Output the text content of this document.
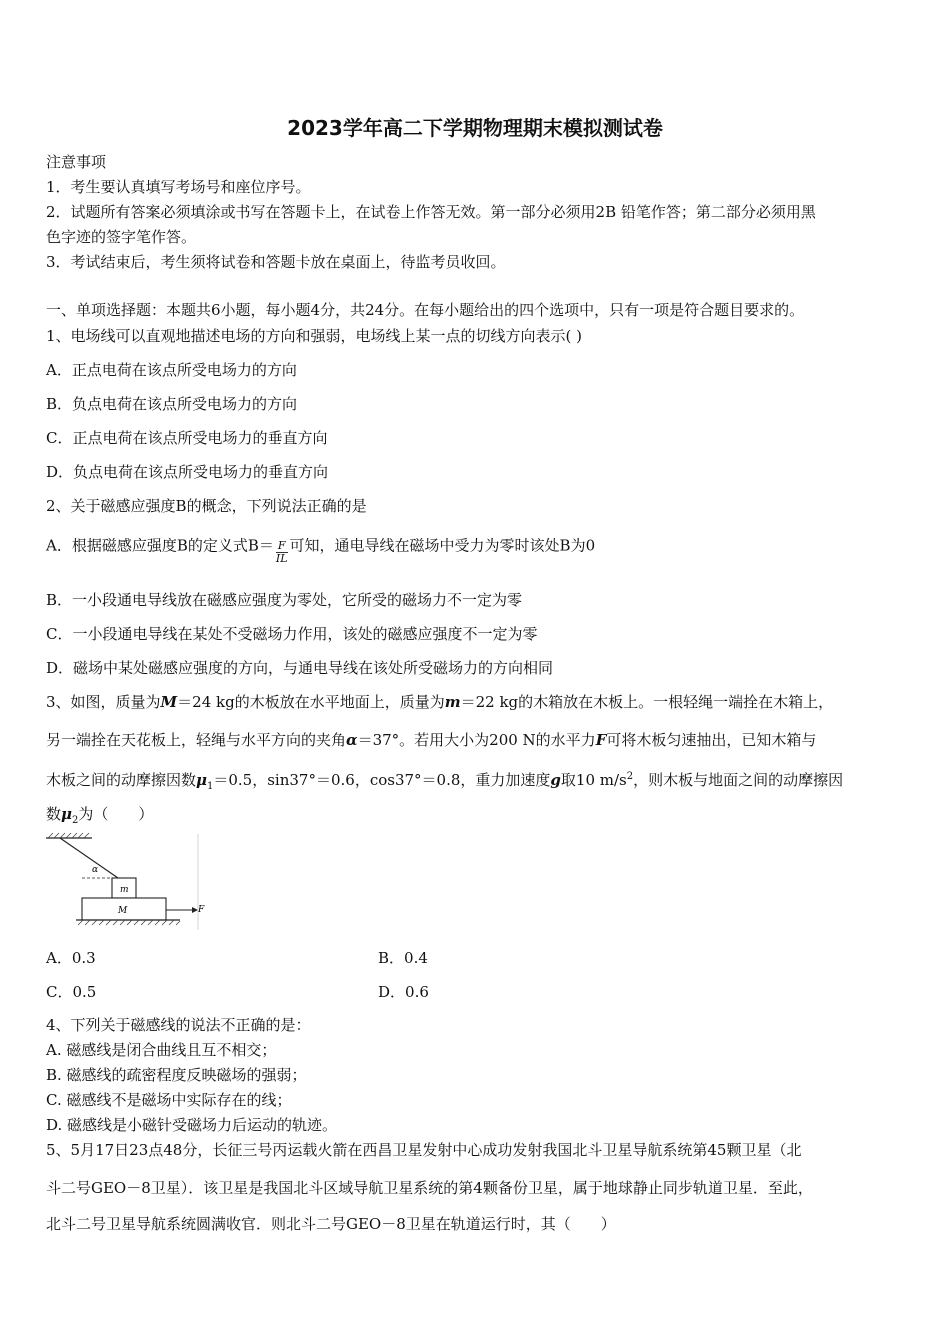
2023学年高二下学期物理期末模拟测试卷
注意事项
1．考生要认真填写考场号和座位序号。
2．试题所有答案必须填涂或书写在答题卡上，在试卷上作答无效。第一部分必须用2B 铅笔作答；第二部分必须用黑
色字迹的签字笔作答。
3．考试结束后，考生须将试卷和答题卡放在桌面上，待监考员收回。
一、单项选择题：本题共6小题，每小题4分，共24分。在每小题给出的四个选项中，只有一项是符合题目要求的。
1、电场线可以直观地描述电场的方向和强弱，电场线上某一点的切线方向表示( )
A．正点电荷在该点所受电场力的方向
B．负点电荷在该点所受电场力的方向
C．正点电荷在该点所受电场力的垂直方向
D．负点电荷在该点所受电场力的垂直方向
2、关于磁感应强度B的概念，下列说法正确的是
A．根据磁感应强度B的定义式$B= \frac{F}{IL}$ 可知，通电导线在磁场中受力为零时该处B为0
B．一小段通电导线放在磁感应强度为零处，它所受的磁场力不一定为零
C．一小段通电导线在某处不受磁场力作用，该处的磁感应强度不一定为零
D．磁场中某处磁感应强度的方向，与通电导线在该处所受磁场力的方向相同
3、如图，质量为M＝24 kg的木板放在水平地面上，质量为m＝22 kg的木箱放在木板上。一根轻绳一端拴在木箱上，
另一端拴在天花板上，轻绳与水平方向的夹角α＝37°。若用大小为200 N的水平力F可将木板匀速抽出，已知木箱与
木板之间的动摩擦因数$\mu_1=0.5$，sin37°＝0.6，cos37°＝0.8，重力加速度g取10 $m/s^2$，则木板与地面之间的动摩擦因
数$\mu_2$为（　　）
α
m
M	F
A．0.3	B．0.4
C．0.5	D．0.6
4、下列关于磁感线的说法不正确的是：
A. 磁感线是闭合曲线且互不相交；
B. 磁感线的疏密程度反映磁场的强弱；
C. 磁感线不是磁场中实际存在的线；
D. 磁感线是小磁针受磁场力后运动的轨迹。
5、5月17日23点48分，长征三号丙运载火箭在西昌卫星发射中心成功发射我国北斗卫星导航系统第45颗卫星（北
斗二号GEO－8卫星）．该卫星是我国北斗区域导航卫星系统的第4颗备份卫星，属于地球静止同步轨道卫星．至此，
北斗二号卫星导航系统圆满收官．则北斗二号GEO－8卫星在轨道运行时，其（　　）
